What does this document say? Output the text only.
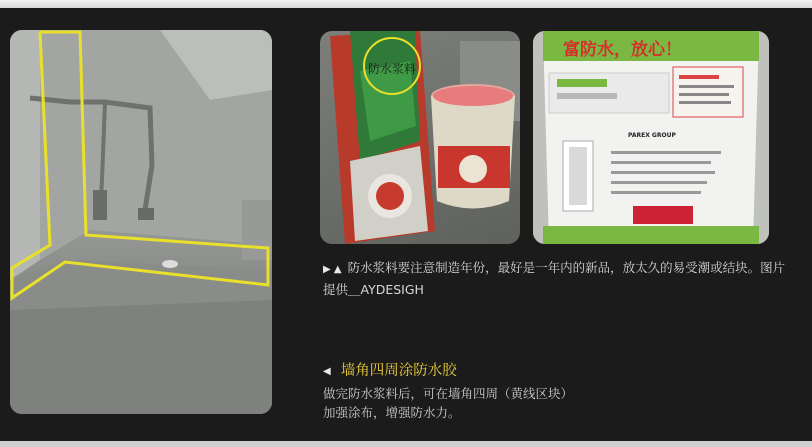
防水浆料
富防水，放心！
PAREX GROUP
▶ ▲ 防水浆料要注意制造年份，最好是一年内的新品，放太久的易受潮或结块。图片提供＿AYDESIGH
◀ 墙角四周涂防水胶

做完防水浆料后，可在墙角四周（黄线区块）

加强涂布，增强防水力。
